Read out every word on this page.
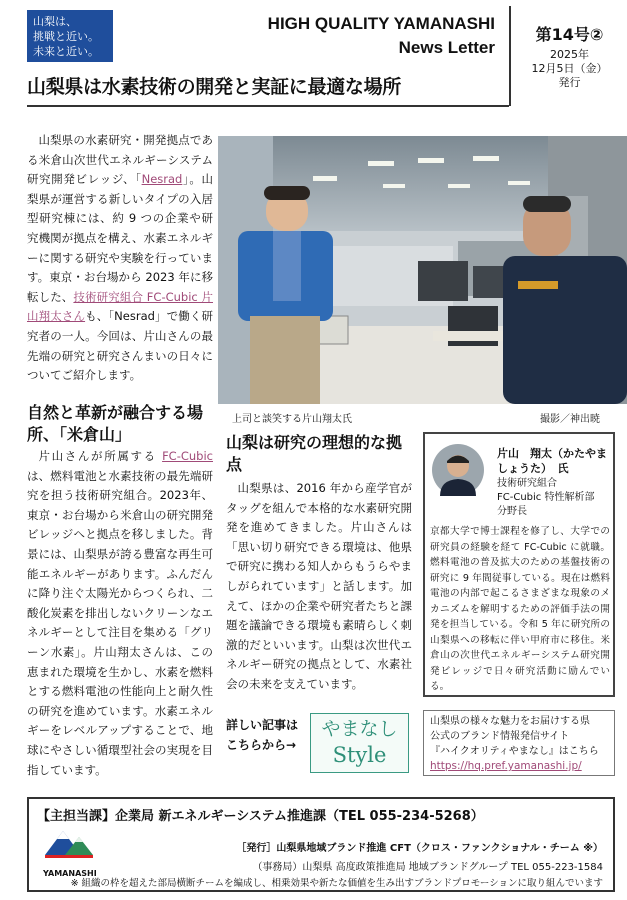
山梨は、
挑戦と近い。
未来と近い。
HIGH QUALITY YAMANASHI
News Letter
第14号②
2025年
12月5日（金）
発行
山梨県は水素技術の開発と実証に最適な場所
山梨県の水素研究・開発拠点である米倉山次世代エネルギーシステム研究開発ビレッジ、「Nesrad」。山梨県が運営する新しいタイプの入居型研究棟には、約 9 つの企業や研究機関が拠点を構え、水素エネルギーに関する研究や実験を行っています。東京・お台場から 2023 年に移転した、技術研究組合 FC-Cubic 片山翔太さんも、「Nesrad」で働く研究者の一人。今回は、片山さんの最先端の研究と研究さんまいの日々についてご紹介します。
上司と談笑する片山翔太氏	撮影／神出暁
自然と革新が融合する場所、「米倉山」
片山さんが所属する FC-Cubic は、燃料電池と水素技術の最先端研究を担う技術研究組合。2023年、東京・お台場から米倉山の研究開発ビレッジへと拠点を移しました。背景には、山梨県が誇る豊富な再生可能エネルギーがあります。ふんだんに降り注ぐ太陽光からつくられ、二酸化炭素を排出しないクリーンなエネルギーとして注目を集める「グリーン水素」。片山翔太さんは、この恵まれた環境を生かし、水素を燃料とする燃料電池の性能向上と耐久性の研究を進めています。水素エネルギーをレベルアップすることで、地球にやさしい循環型社会の実現を目指しています。
山梨は研究の理想的な拠点
山梨県は、2016 年から産学官がタッグを組んで本格的な水素研究開発を進めてきました。片山さんは「思い切り研究できる環境は、他県で研究に携わる知人からもうらやましがられています」と話します。加えて、ほかの企業や研究者たちと課題を議論できる環境も素晴らしく刺激的だといいます。山梨は次世代エネルギー研究の拠点として、水素社会の未来を支えています。
片山　翔太（かたやま
しょうた）　氏
技術研究組合
FC-Cubic 特性解析部
分野長
京都大学で博士課程を修了し、大学での研究員の経験を経て FC-Cubic に就職。燃料電池の普及拡大のための基盤技術の研究に 9 年間従事している。現在は燃料電池の内部で起こるさまざまな現象のメカニズムを解明するための評価手法の開発を担当している。令和 5 年に研究所の山梨県への移転に伴い甲府市に移住。米倉山の次世代エネルギーシステム研究開発ビレッジで日々研究活動に励んでいる。
詳しい記事は
こちらから→
やまなし
Style
山梨県の様々な魅力をお届けする県
公式のブランド情報発信サイト
『ハイクオリティやまなし』はこちら
https://hq.pref.yamanashi.jp/
【主担当課】企業局 新エネルギーシステム推進課（TEL 055-234-5268）
YAMANASHI
［発行］山梨県地域ブランド推進 CFT（クロス・ファンクショナル・チーム ※）
（事務局）山梨県 高度政策推進局 地域ブランドグループ TEL 055-223-1584
※ 組織の枠を超えた部局横断チームを編成し、相乗効果や新たな価値を生み出すブランドプロモーションに取り組んでいます
